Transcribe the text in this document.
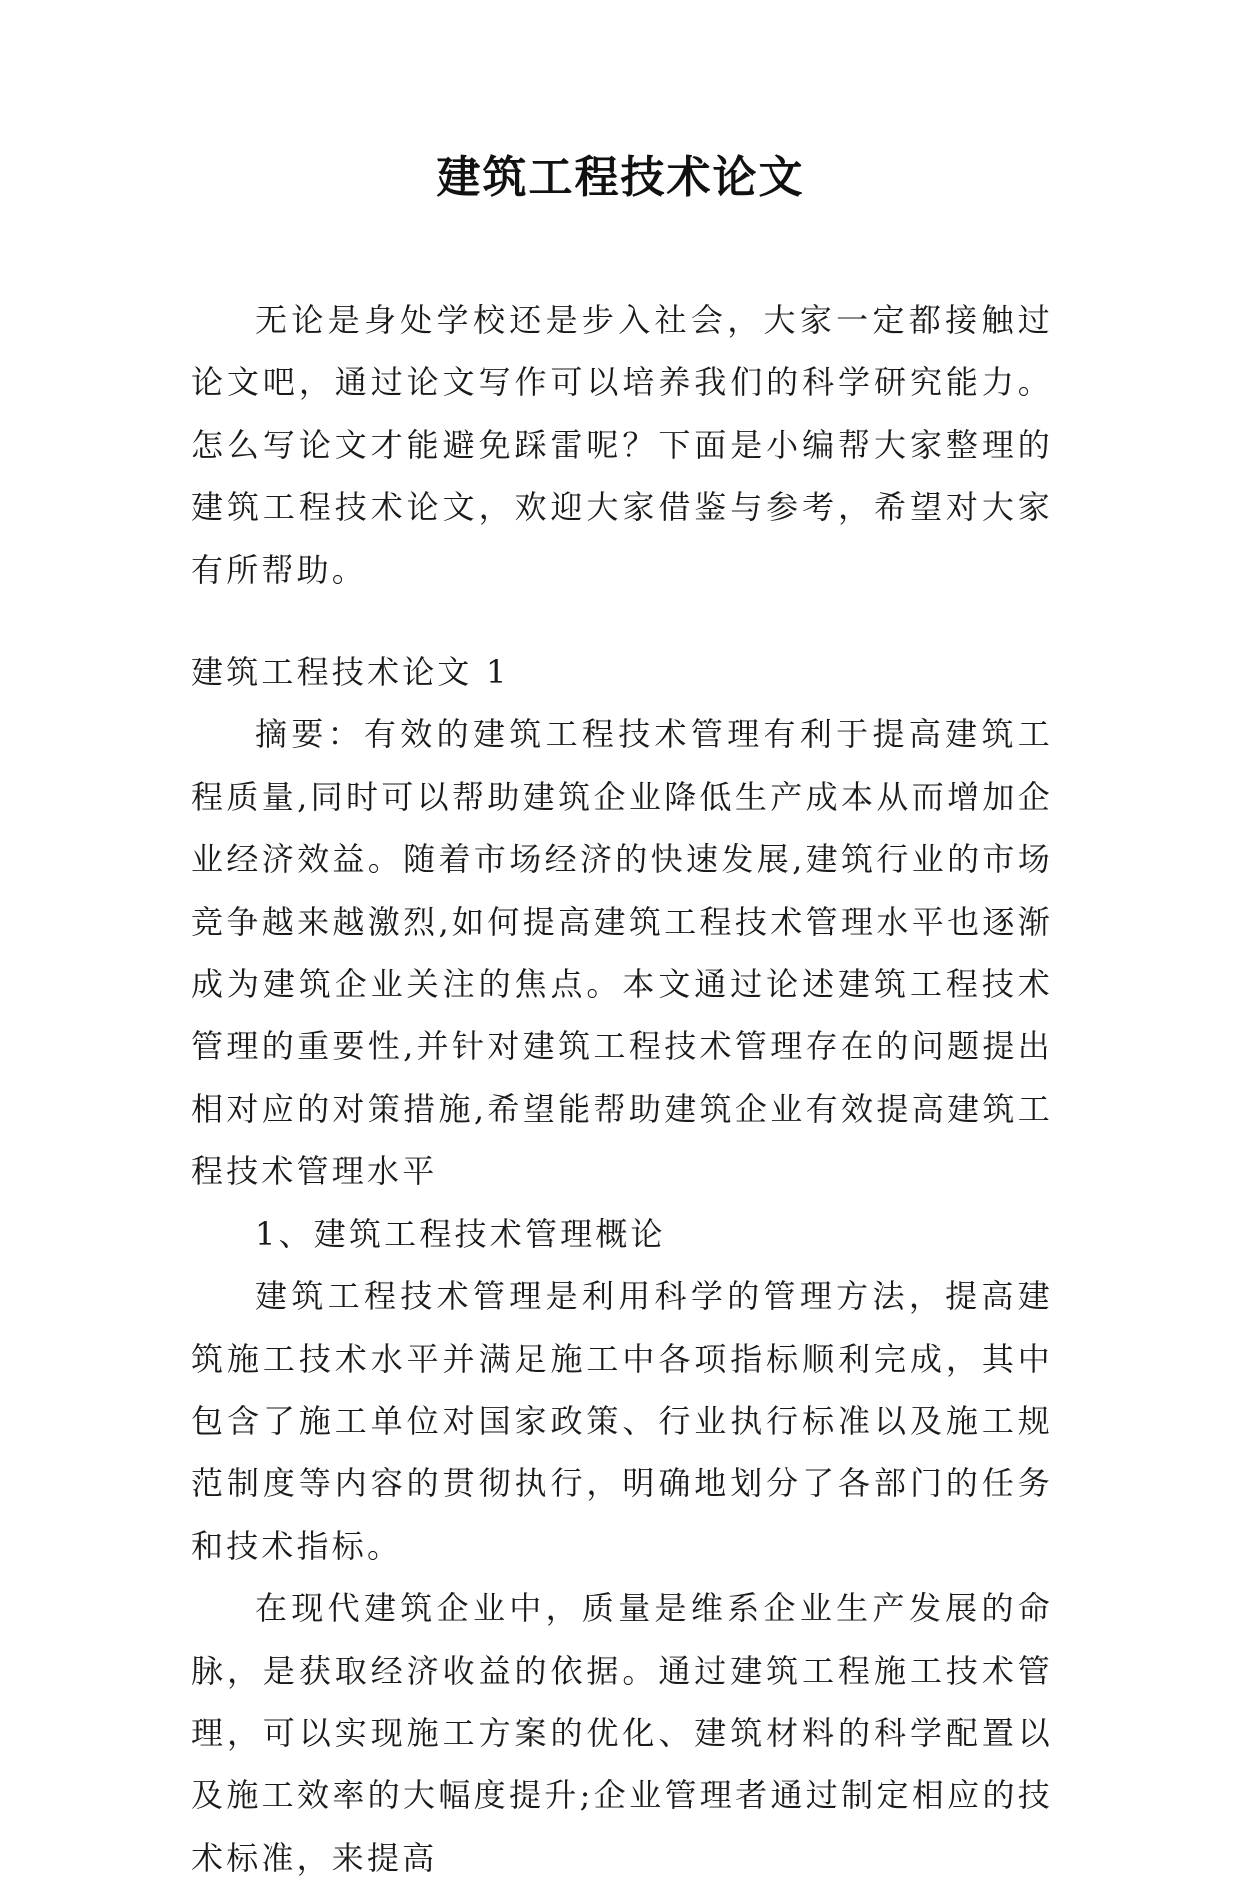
建筑工程技术论文

无论是身处学校还是步入社会，大家一定都接触过论文吧，通过论文写作可以培养我们的科学研究能力。怎么写论文才能避免踩雷呢？下面是小编帮大家整理的建筑工程技术论文，欢迎大家借鉴与参考，希望对大家有所帮助。

建筑工程技术论文 1

摘要：有效的建筑工程技术管理有利于提高建筑工程质量,同时可以帮助建筑企业降低生产成本从而增加企业经济效益。随着市场经济的快速发展,建筑行业的市场竞争越来越激烈,如何提高建筑工程技术管理水平也逐渐成为建筑企业关注的焦点。本文通过论述建筑工程技术管理的重要性,并针对建筑工程技术管理存在的问题提出相对应的对策措施,希望能帮助建筑企业有效提高建筑工程技术管理水平

1、建筑工程技术管理概论

建筑工程技术管理是利用科学的管理方法，提高建筑施工技术水平并满足施工中各项指标顺利完成，其中包含了施工单位对国家政策、行业执行标准以及施工规范制度等内容的贯彻执行，明确地划分了各部门的任务和技术指标。

在现代建筑企业中，质量是维系企业生产发展的命脉，是获取经济收益的依据。通过建筑工程施工技术管理，可以实现施工方案的优化、建筑材料的科学配置以及施工效率的大幅度提升;企业管理者通过制定相应的技术标准，来提高
